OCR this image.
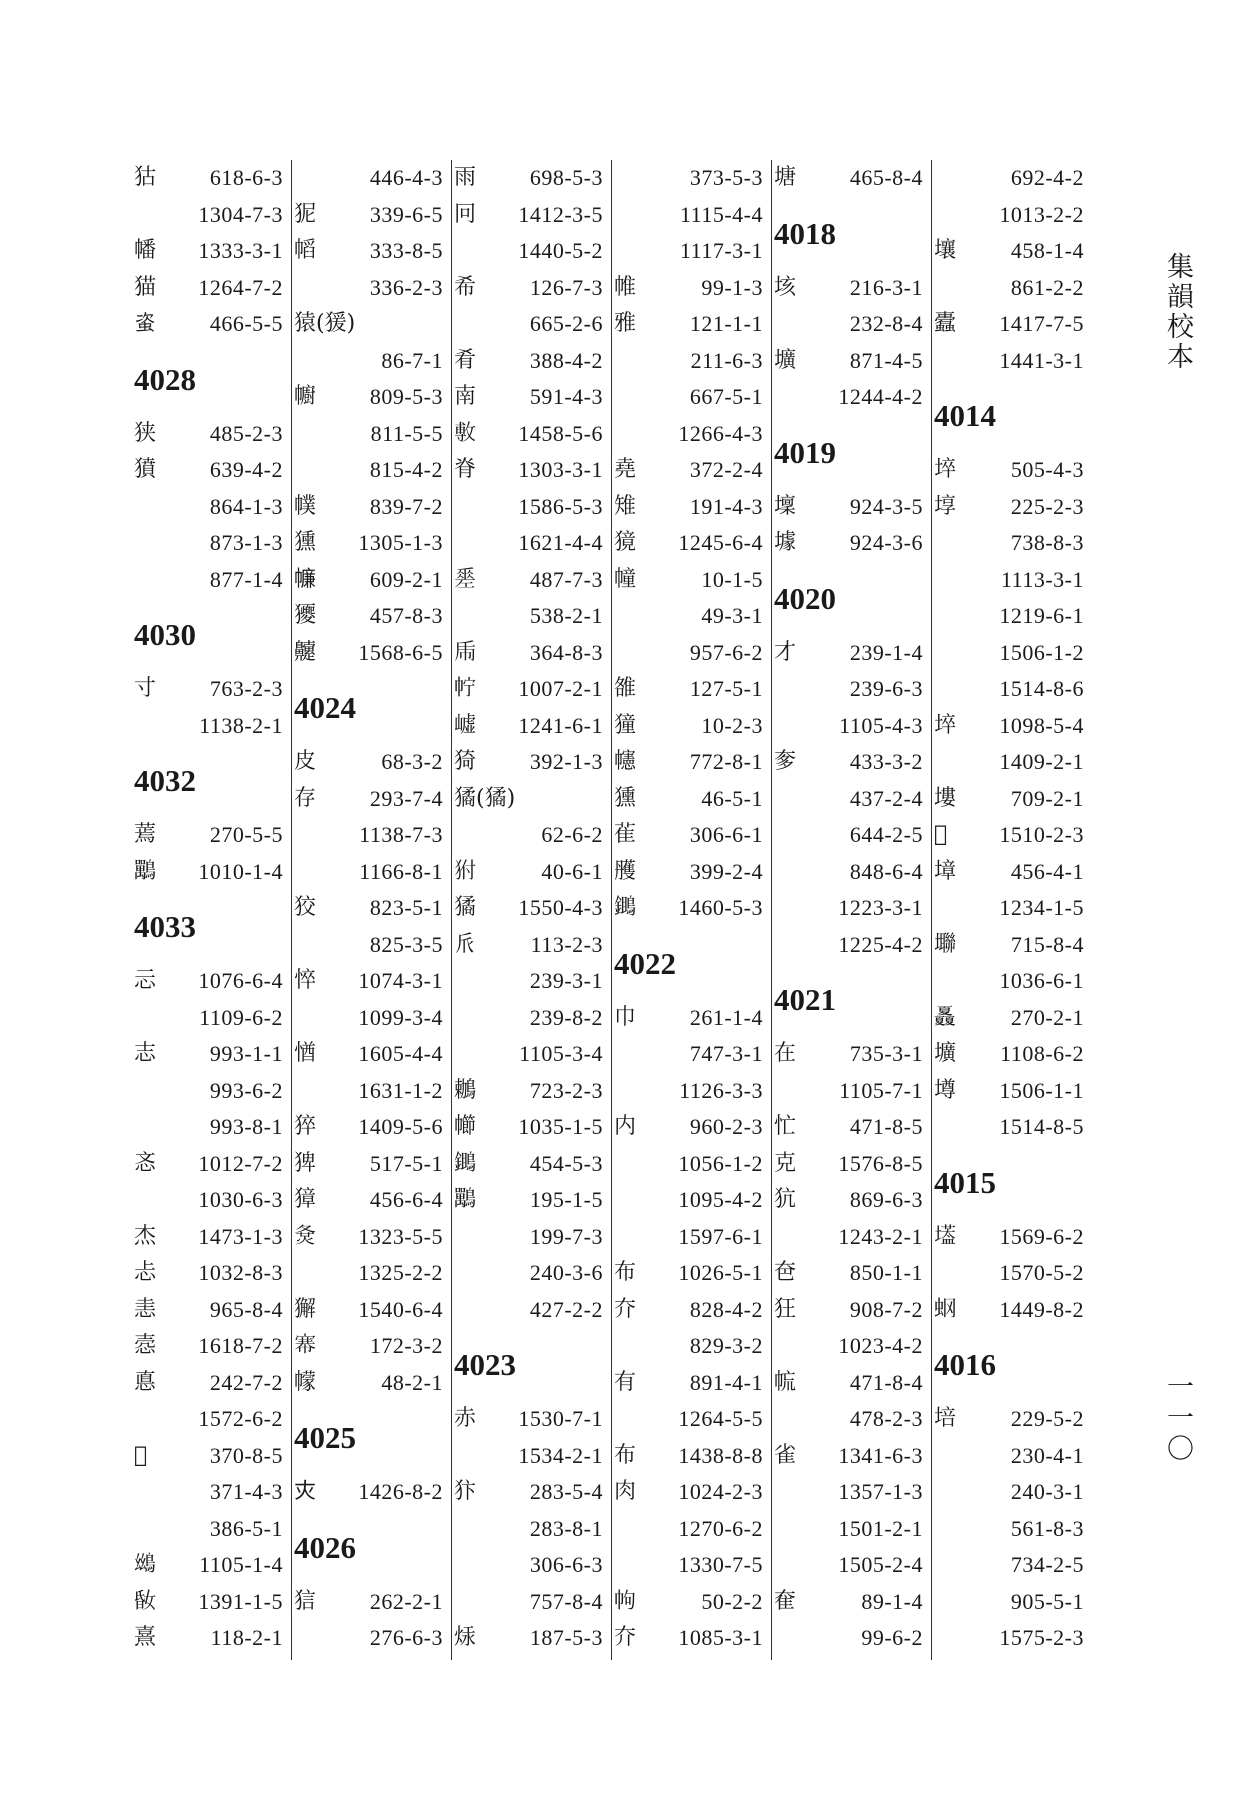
集韻校本
一一〇
狜 618-6-3
1304-7-3
幡 1333-3-1
猫 1264-7-2
𧊒 466-5-5
4028
狭 485-2-3
獖 639-4-2
864-1-3
873-1-3
877-1-4
4030
寸 763-2-3
1138-2-1
4032
蔫 270-5-5
𪈀 1010-1-4
4033
忈 1076-6-4
1109-6-2
志 993-1-1
993-6-2
993-8-1
忞 1012-7-2
1030-6-3
杰 1473-1-3
忐 1032-8-3
恚 965-8-4
悫 1618-7-2
悳 242-7-2
1572-6-2
𪊎	370-8-5
371-4-3
386-5-1
𪀨 1105-1-4
𡝪 1391-1-5
熹 118-2-1
446-4-3
狔 339-6-5
幍 333-8-5
336-2-3
猿(猨)
86-7-1
幮 809-5-3
811-5-5
815-4-2
幞 839-7-2
獯 1305-1-3
𢅏 609-2-1
獿 457-8-3
䶑 1568-6-5
4024
皮	68-3-2
存 293-7-4
1138-7-3
1166-8-1
狡 823-5-1
825-3-5
悴 1074-3-1
1099-3-4
㥢 1605-4-4
1631-1-2
猝 1409-5-6
猈 517-5-1
獐 456-6-4
𡕛 1323-5-5
1325-2-2
獬 1540-6-4
𢄏 172-3-2
幪	48-2-1
4025
𡗜 1426-8-2
4026
狺 262-2-1
276-6-3
雨 698-5-3
冋 1412-3-5
1440-5-2
希 126-7-3
665-2-6
肴 388-4-2
南 591-4-3
𢾭 1458-5-6
脊 1303-3-1
1586-5-3
1621-4-4
𢀩 487-7-3
538-2-1
𢁺 364-8-3
𢁼 1007-2-1
㠊 1241-6-1
猗 392-1-3
獝(獝)
62-6-2
𤝔	40-6-1
獝 1550-4-3
𠂢 113-2-3
239-3-1
239-8-2
1105-3-4
鶒 723-2-3
幯 1035-1-5
𪆷 454-5-3
𪈀 195-1-5
199-7-3
240-3-6
427-2-2
4023
赤 1530-7-1
1534-2-1
犿 283-5-4
283-8-1
306-6-3
757-8-4
㶹 187-5-3
373-5-3
1115-4-4
1117-3-1
帷	99-1-3
雅 121-1-1
211-6-3
667-5-1
1266-4-3
堯 372-2-4
雉 191-4-3
獍 1245-6-4
幢	10-1-5
49-3-1
957-6-2
雒 127-5-1
獞	10-2-3
幰 772-8-1
獯	46-5-1
雈 306-6-1
雘 399-2-4
𪆷 1460-5-3
4022
巾 261-1-4
747-3-1
1126-3-3
内 960-2-3
1056-1-2
1095-4-2
1597-6-1
布 1026-5-1
夰 828-4-2
829-3-2
有 891-4-1
1264-5-5
布 1438-8-8
肉 1024-2-3
1270-6-2
1330-7-5
𢂁	50-2-2
夰 1085-3-1
塘 465-8-4
4018
垓 216-3-1
232-8-4
壙 871-4-5
1244-4-2
4019
壈 924-3-5
壉 924-3-6
4020
才 239-1-4
239-6-3
1105-4-3
奓 433-3-2
437-2-4
644-2-5
848-6-4
1223-3-1
1225-4-2
4021
在 735-3-1
1105-7-1
忙 471-8-5
克 1576-8-5
犺 869-6-3
1243-2-1
夿 850-1-1
狂 908-7-2
1023-4-2
㡆 471-8-4
478-2-3
雀 1341-6-3
1357-1-3
1501-2-1
1505-2-4
奞	89-1-4
99-6-2
692-4-2
1013-2-2
壤 458-1-4
861-2-2
蠹 1417-7-5
1441-3-1
4014
埣 505-4-3
埻 225-2-3
738-8-3
1113-3-1
1219-6-1
1506-1-2
1514-8-6
埣 1098-5-4
1409-2-1
塿 709-2-1
𡓂 1510-2-3
墇 456-4-1
1234-1-5
壣 715-8-4
1036-6-1
𡖃 270-2-1
壙 1108-6-2
壿 1506-1-1
1514-8-5
4015
𡑷 1569-6-2
1570-5-2
𧈿 1449-8-2
4016
培 229-5-2
230-4-1
240-3-1
561-8-3
734-2-5
905-5-1
1575-2-3
